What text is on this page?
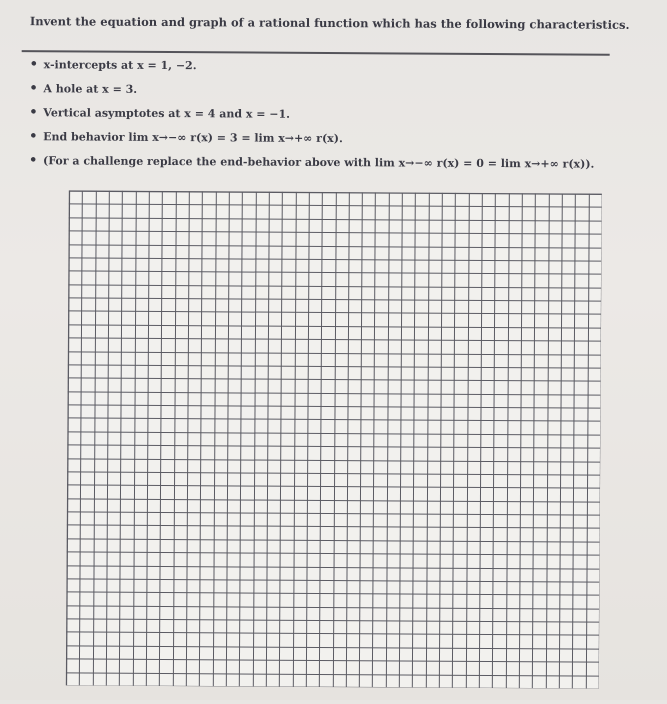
Invent the equation and graph of a rational function which has the following characteristics.
• x-intercepts at x = 1, −2.
• A hole at x = 3.
• Vertical asymptotes at x = 4 and x = −1.
• End behavior lim x→−∞ r(x) = 3 = lim x→+∞ r(x).
• (For a challenge replace the end-behavior above with lim x→−∞ r(x) = 0 = lim x→+∞ r(x)).
